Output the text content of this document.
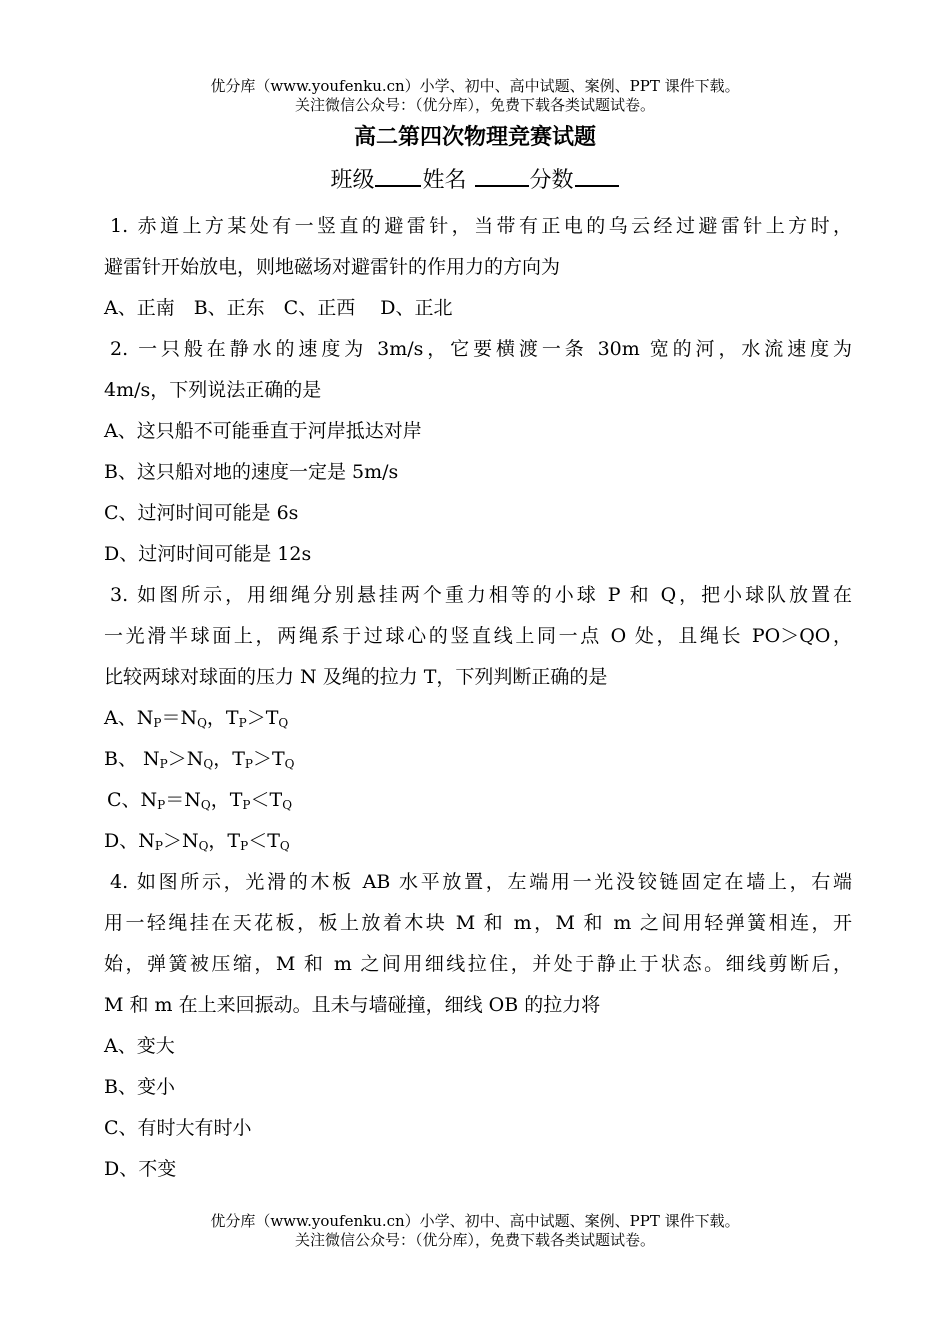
优分库（www.youfenku.cn）小学、初中、高中试题、案例、PPT 课件下载。
关注微信公众号：（优分库），免费下载各类试题试卷。
高二第四次物理竞赛试题
班级 姓名	分数
1. 赤道上方某处有一竖直的避雷针，当带有正电的乌云经过避雷针上方时，
避雷针开始放电，则地磁场对避雷针的作用力的方向为
A、正南　B、正东　C、正西　 D、正北
2. 一只般在静水的速度为 3m/s，它要横渡一条 30m 宽的河，水流速度为
4m/s，下列说法正确的是
A、这只船不可能垂直于河岸抵达对岸
B、这只船对地的速度一定是 5m/s
C、过河时间可能是 6s
D、过河时间可能是 12s
3. 如图所示，用细绳分别悬挂两个重力相等的小球 P 和 Q，把小球队放置在
一光滑半球面上，两绳系于过球心的竖直线上同一点 O 处，且绳长 PO＞QO，
比较两球对球面的压力 N 及绳的拉力 T，下列判断正确的是
A、$N_P=N_Q$，$T_P>T_Q$
B、 $N_P>N_Q$，$T_P>T_Q$
C、$N_P=N_Q$，$T_P<T_Q$
D、$N_P>N_Q$，$T_P<T_Q$
4. 如图所示，光滑的木板 AB 水平放置，左端用一光没铰链固定在墙上，右端
用一轻绳挂在天花板，板上放着木块 M 和 m，M 和 m 之间用轻弹簧相连，开
始，弹簧被压缩，M 和 m 之间用细线拉住，并处于静止于状态。细线剪断后，
M 和 m 在上来回振动。且未与墙碰撞，细线 OB 的拉力将
A、变大
B、变小
C、有时大有时小
D、不变
优分库（www.youfenku.cn）小学、初中、高中试题、案例、PPT 课件下载。
关注微信公众号：（优分库），免费下载各类试题试卷。
